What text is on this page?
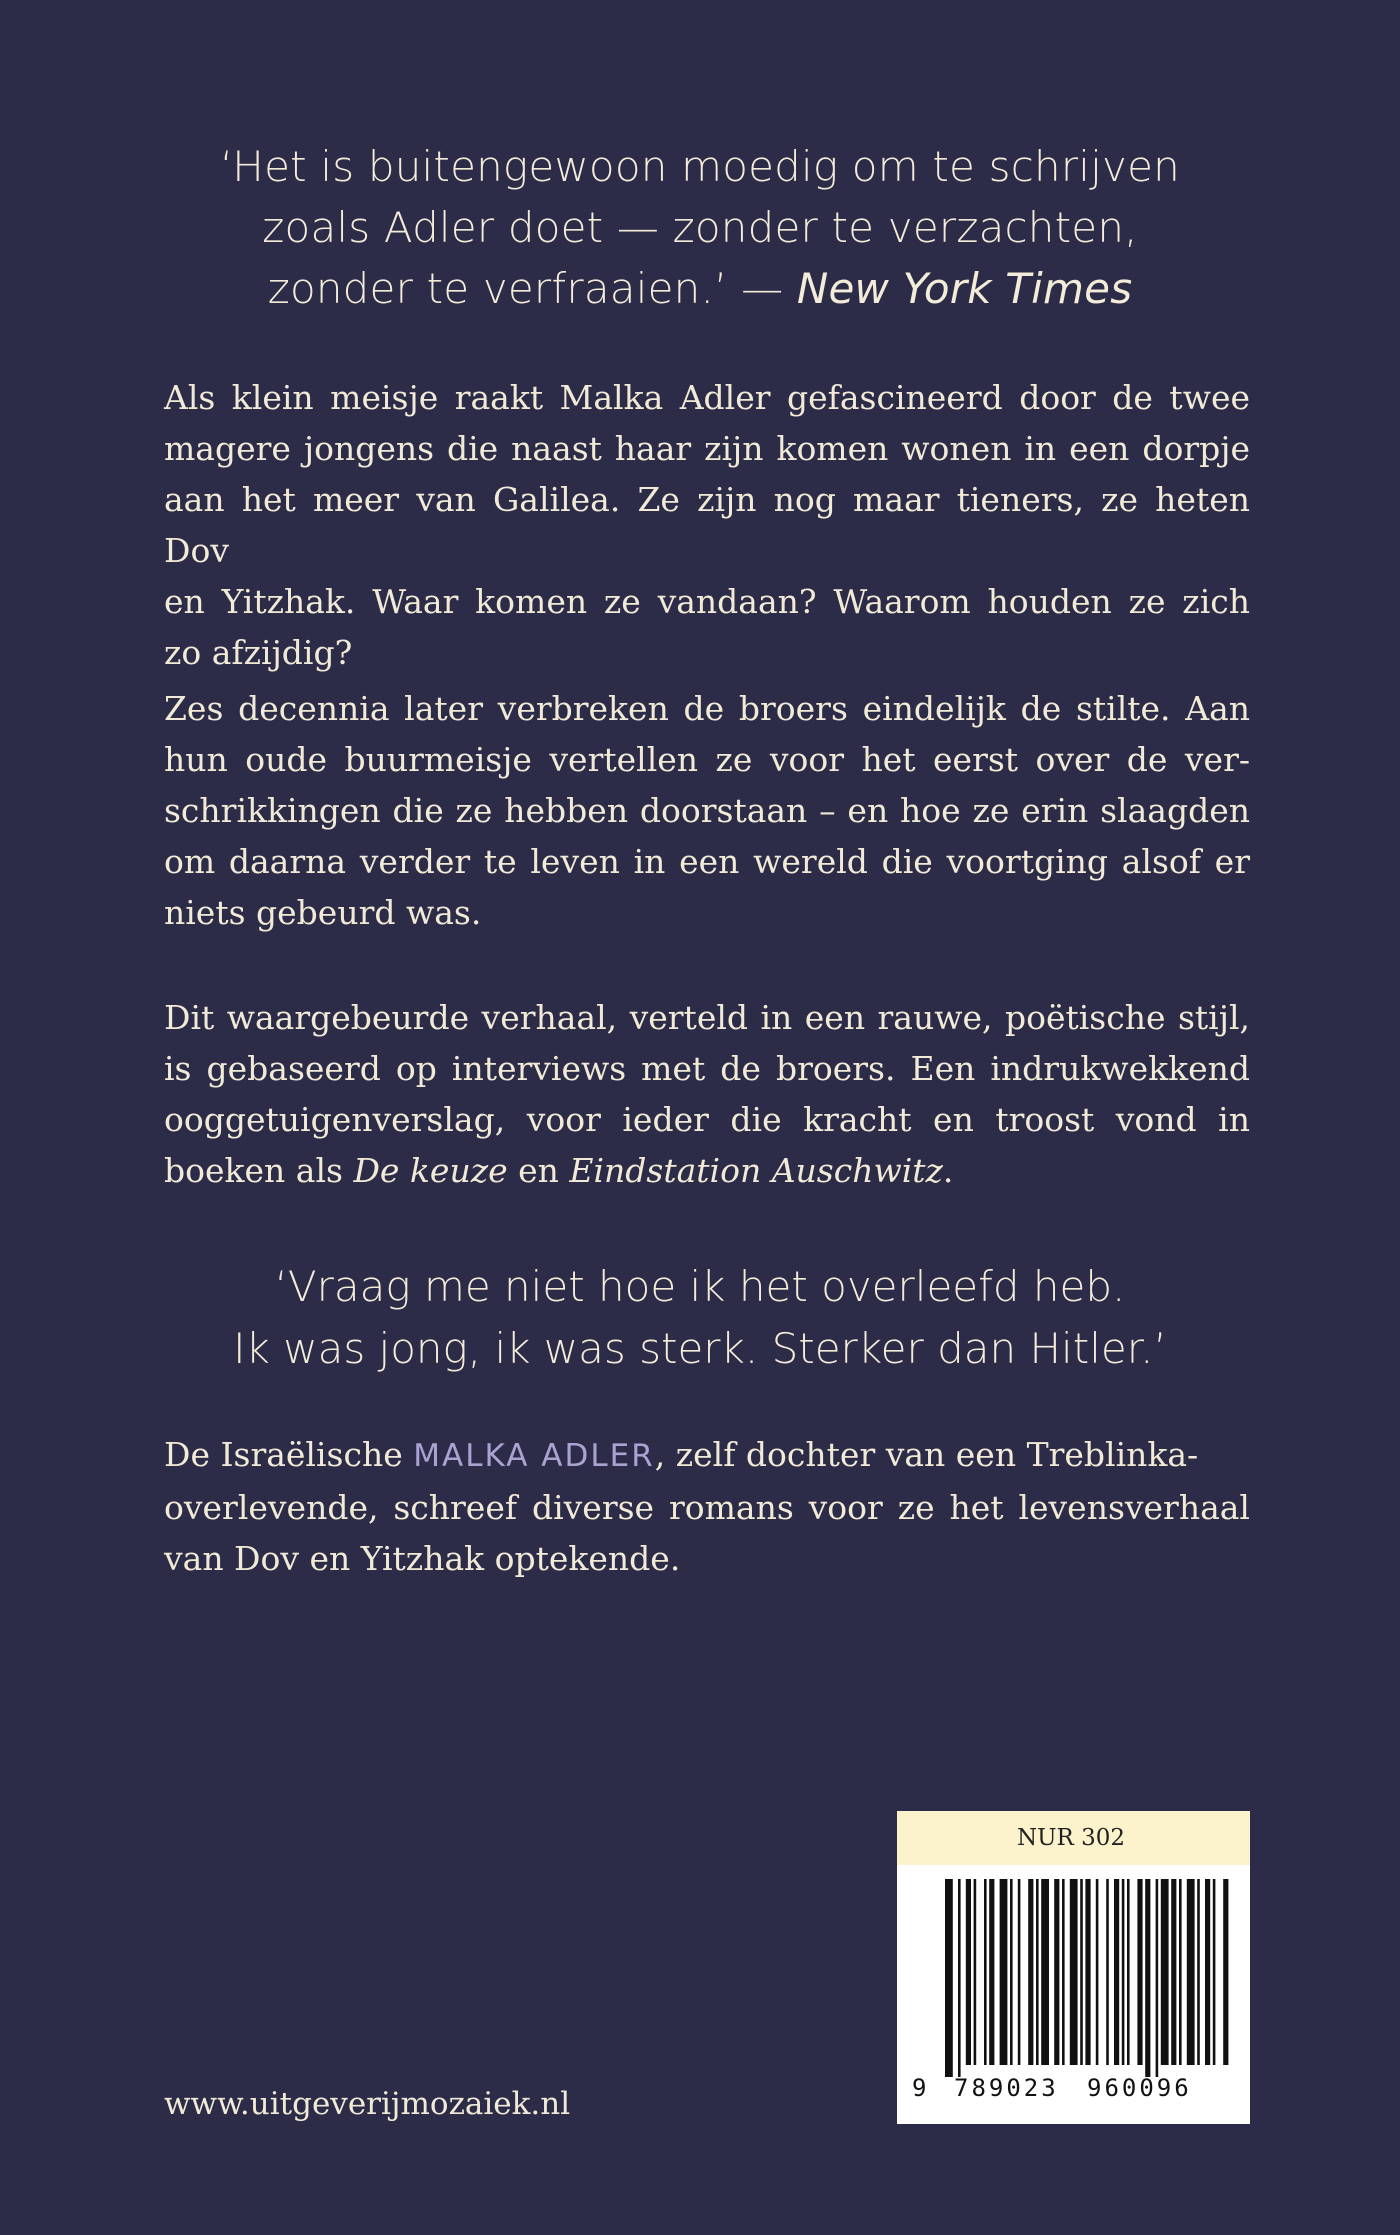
‘Het is buitengewoon moedig om te schrijven
zoals Adler doet — zonder te verzachten,
zonder te verfraaien.’ — New York Times
Als klein meisje raakt Malka Adler gefascineerd door de twee
magere jongens die naast haar zijn komen wonen in een dorpje
aan het meer van Galilea. Ze zijn nog maar tieners, ze heten Dov
en Yitzhak. Waar komen ze vandaan? Waarom houden ze zich
zo afzijdig?
Zes decennia later verbreken de broers eindelijk de stilte. Aan
hun oude buurmeisje vertellen ze voor het eerst over de ver-
schrikkingen die ze hebben doorstaan – en hoe ze erin slaagden
om daarna verder te leven in een wereld die voortging alsof er
niets gebeurd was.
Dit waargebeurde verhaal, verteld in een rauwe, poëtische stijl,
is gebaseerd op interviews met de broers. Een indrukwekkend
ooggetuigenverslag, voor ieder die kracht en troost vond in
boeken als De keuze en Eindstation Auschwitz.
‘Vraag me niet hoe ik het overleefd heb.
Ik was jong, ik was sterk. Sterker dan Hitler.’
De Israëlische MALKA ADLER, zelf dochter van een Treblinka-
overlevende, schreef diverse romans voor ze het levensverhaal
van Dov en Yitzhak optekende.
www.uitgeverijmozaiek.nl
NUR 302
9 789023 960096
